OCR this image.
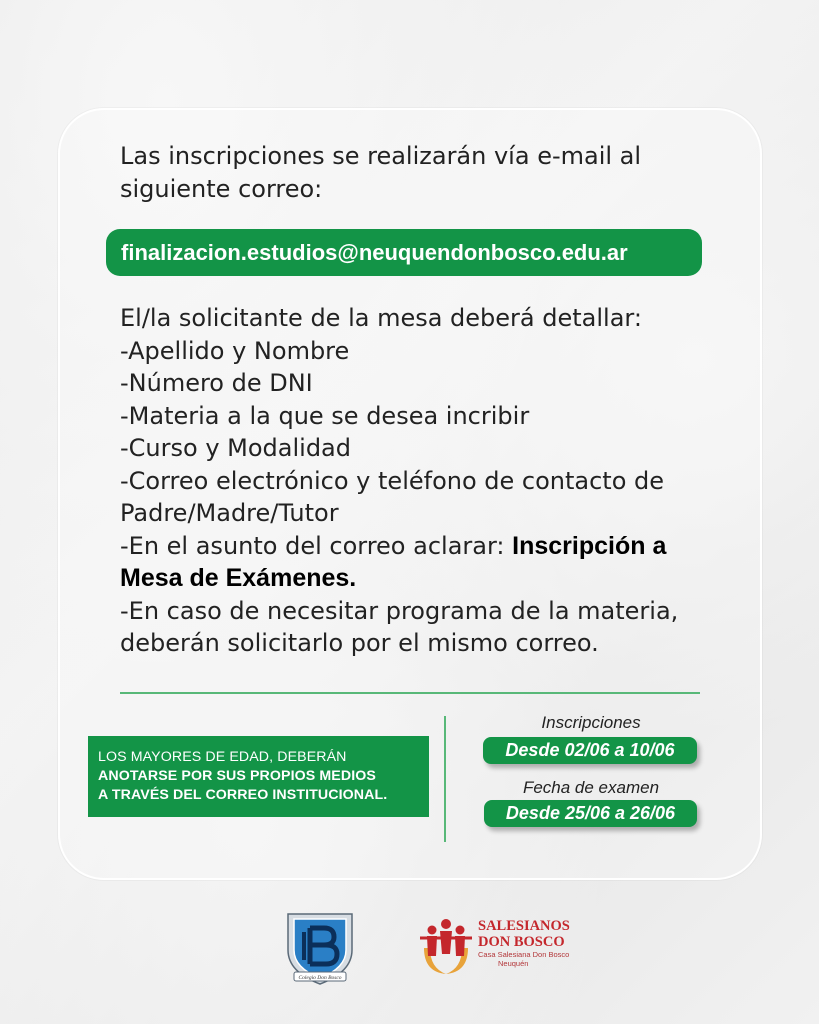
Las inscripciones se realizarán vía e-mail al

siguiente correo:

finalizacion.estudios@neuquendonbosco.edu.ar

El/la solicitante de la mesa deberá detallar:

-Apellido y Nombre

-Número de DNI

-Materia a la que se desea incribir

-Curso y Modalidad

-Correo electrónico y teléfono de contacto de

Padre/Madre/Tutor

-En el asunto del correo aclarar: Inscripción a

Mesa de Exámenes.

-En caso de necesitar programa de la materia,

deberán solicitarlo por el mismo correo.

LOS MAYORES DE EDAD, DEBERÁN
ANOTARSE POR SUS PROPIOS MEDIOS
A TRAVÉS DEL CORREO INSTITUCIONAL.
Inscripciones
Desde 02/06 a 10/06
Fecha de examen
Desde 25/06 a 26/06
Colegio Don Bosco
SALESIANOS
DON BOSCO
Casa Salesiana Don Bosco
Neuquén
